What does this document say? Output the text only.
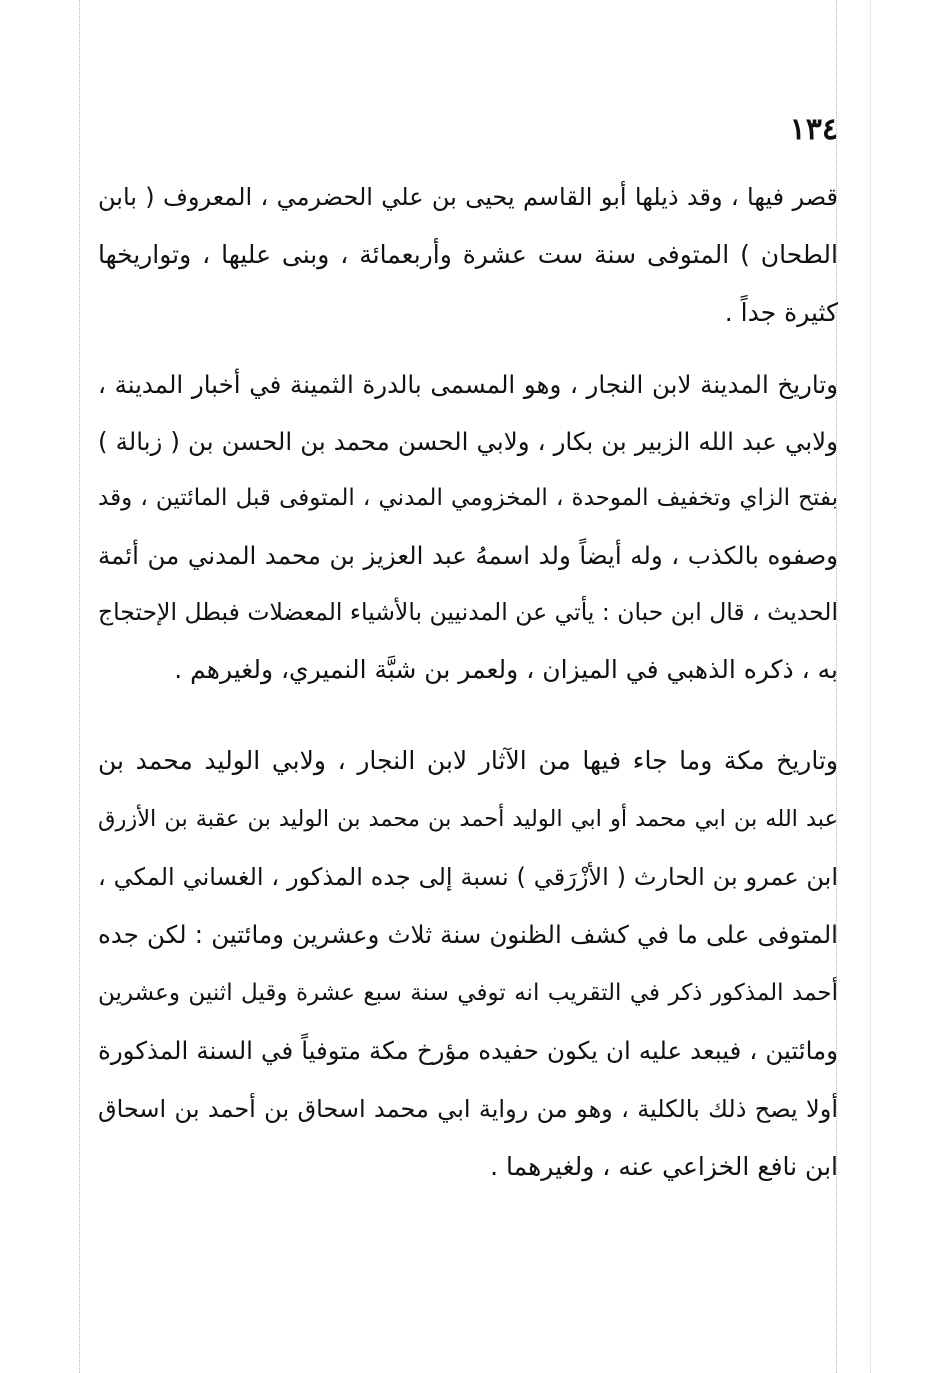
١٣٤
قصر فيها ، وقد ذيلها أبو القاسم يحيى بن علي الحضرمي ، المعروف ( بابن
الطحان ) المتوفى سنة ست عشرة وأربعمائة ، وبنى عليها ، وتواريخها
كثيرة جداً .
وتاريخ المدينة لابن النجار ، وهو المسمى بالدرة الثمينة في أخبار المدينة ،
ولابي عبد الله الزبير بن بكار ، ولابي الحسن محمد بن الحسن بن ( زبالة )
بفتح الزاي وتخفيف الموحدة ، المخزومي المدني ، المتوفى قبل المائتين ، وقد
وصفوه بالكذب ، وله أيضاً ولد اسمهُ عبد العزيز بن محمد المدني من أئمة
الحديث ، قال ابن حبان : يأتي عن المدنيين بالأشياء المعضلات فبطل الإحتجاج
به ، ذكره الذهبي في الميزان ، ولعمر بن شبَّة النميري، ولغيرهم .
وتاريخ مكة وما جاء فيها من الآثار لابن النجار ، ولابي الوليد محمد بن
عبد الله بن ابي محمد أو ابي الوليد أحمد بن محمد بن الوليد بن عقبة بن الأزرق
ابن عمرو بن الحارث ( الأزْرَقي ) نسبة إلى جده المذكور ، الغساني المكي ،
المتوفى على ما في كشف الظنون سنة ثلاث وعشرين ومائتين : لكن جده
أحمد المذكور ذكر في التقريب انه توفي سنة سبع عشرة وقيل اثنين وعشرين
ومائتين ، فيبعد عليه ان يكون حفيده مؤرخ مكة متوفياً في السنة المذكورة
أولا يصح ذلك بالكلية ، وهو من رواية ابي محمد اسحاق بن أحمد بن اسحاق
ابن نافع الخزاعي عنه ، ولغيرهما .
